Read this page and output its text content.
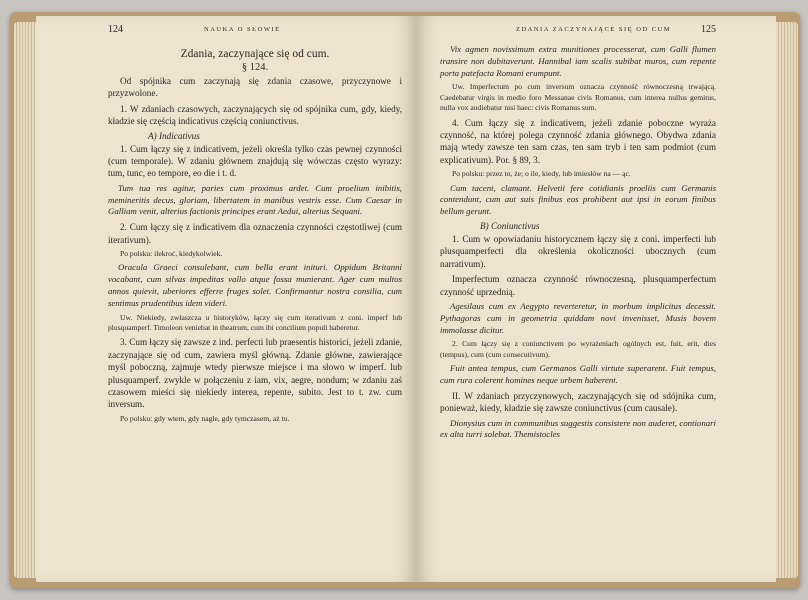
124	NAUKA O SŁOWIE
Zdania, zaczynające się od cum.
§ 124.

Od spójnika cum zaczynają się zdania czasowe, przyczynowe i przyzwolone.

1. W zdaniach czasowych, zaczynających się od spójnika cum, gdy, kiedy, kładzie się częścią indicativus częścią coniunctivus.

A) Indicativus

1. Cum łączy się z indicativem, jeżeli określa tylko czas pewnej czynności (cum temporale). W zdaniu głównem znajdują się wówczas często wyrazy: tum, tunc, eo tempore, eo die i t. d.

Tum tua res agitur, paries cum proximus ardet. Cum proelium inibitis, memineritis decus, gloriam, libertatem in manibus vestris esse. Cum Caesar in Galliam venit, alterius factionis principes erant Aedui, alterius Sequani.

2. Cum łączy się z indicativem dla oznaczenia czynności częstotliwej (cum iterativum).

Po polsku: ilekroć, kiedykolwiek.

Oracula Graeci consulebant, cum bella erant inituri. Oppidum Britanni vocabant, cum silvas impeditas vallo atque fossa munierant. Ager cum multos annos quievit, uberiores efferre fruges solet. Confirmantur nostra consilia, cum sentimus prudentibus idem videri.

Uw. Niekiedy, zwłaszcza u historyków, łączy się cum iterativum z coni. imperf lub plusquamperf. Timoleon veniebat in theatrum, cum ibi concilium populi haberetur.

3. Cum łączy się zawsze z ind. perfecti lub praesentis historici, jeżeli zdanie, zaczynające się od cum, zawiera myśl główną. Zdanie główne, zawierające myśl poboczną, zajmuje wtedy pierwsze miejsce i ma słowo w imperf. lub plusquamperf. zwykle w połączeniu z iam, vix, aegre, nondum; w zdaniu zaś czasowem mieści się niekiedy interea, repente, subito. Jest to t. zw. cum inversum.

Po polsku: gdy wtem, gdy nagle, gdy tymczasem, aż tu.

ZDANIA ZACZYNAJĄCE SIĘ OD CUM	125

Vix agmen novissimum extra munitiones processerat, cum Galli flumen transire non dubitaverunt. Hannibal iam scalis subibat muros, cum repente porta patefacta Romani erumpunt.

Uw. Imperfectum po cum inversum oznacza czynność równoczesną trwającą. Caedebatur virgis in medio foro Messanae civis Romanus, cum interea nullus gemitus, nulla vox audiebatur nisi haec: civis Romanus sum.

4. Cum łączy się z indicativem, jeżeli zdanie poboczne wyraża czynność, na której polega czynność zdania głównego. Obydwa zdania mają wtedy zawsze ten sam czas, ten sam tryb i ten sam podmiot (cum explicativum). Por. § 89, 3.

Po polsku: przez to, że; o ile, kiedy, lub imiesłów na — ąc.

Cum tacent, clamant. Helvetii fere cotidianis proeliis cum Germanis contendunt, cum aut suis finibus eos prohibent aut ipsi in eorum finibus bellum gerunt.

B) Coniunctivus

1. Cum w opowiadaniu historycznem łączy się z coni. imperfecti lub plusquamperfecti dla określenia okoliczności ubocznych (cum narrativum).

Imperfectum oznacza czynność równoczesną, plusquamperfectum czynność uprzednią.

Agesilaus cum ex Aegypto reverteretur, in morbum implicitus decessit. Pythagoras cum in geometria quiddam novi invenisset, Musis bovem immolasse dicitur.

2. Cum łączy się z coniunctivem po wyrażeniach ogólnych est, fuit, erit, dies (tempus), cum (cum consecutivum).

Fuit antea tempus, cum Germanos Galli virtute superarent. Fuit tempus, cum rura colerent homines neque urbem haberent.

II. W zdaniach przyczynowych, zaczynających się od sdójnika cum, ponieważ, kiedy, kładzie się zawsze coniunctivus (cum causale).

Dionysius cum in communibus suggestis consistere non auderet, contionari ex alta turri solebat. Themistocles
